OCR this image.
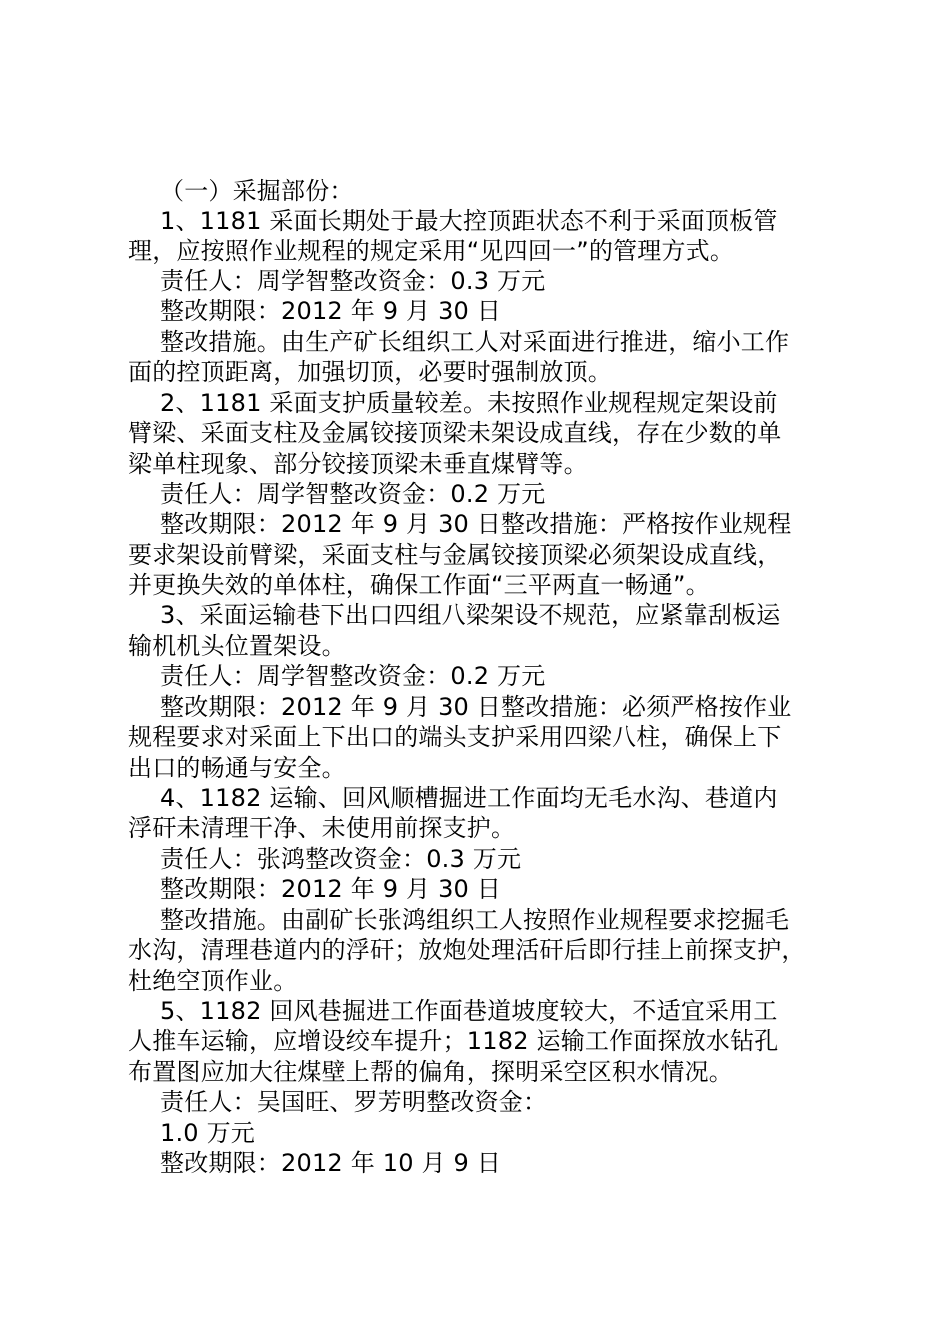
（一）采掘部份：
1、1181 采面长期处于最大控顶距状态不利于采面顶板管
理，应按照作业规程的规定采用“见四回一”的管理方式。
责任人：周学智整改资金：0.3 万元
整改期限：2012 年 9 月 30 日
整改措施。由生产矿长组织工人对采面进行推进，缩小工作
面的控顶距离，加强切顶，必要时强制放顶。
2、1181 采面支护质量较差。未按照作业规程规定架设前
臂梁、采面支柱及金属铰接顶梁未架设成直线，存在少数的单
梁单柱现象、部分铰接顶梁未垂直煤臂等。
责任人：周学智整改资金：0.2 万元
整改期限：2012 年 9 月 30 日整改措施：严格按作业规程
要求架设前臂梁，采面支柱与金属铰接顶梁必须架设成直线，
并更换失效的单体柱，确保工作面“三平两直一畅通”。
3、采面运输巷下出口四组八梁架设不规范，应紧靠刮板运
输机机头位置架设。
责任人：周学智整改资金：0.2 万元
整改期限：2012 年 9 月 30 日整改措施：必须严格按作业
规程要求对采面上下出口的端头支护采用四梁八柱，确保上下
出口的畅通与安全。
4、1182 运输、回风顺槽掘进工作面均无毛水沟、巷道内
浮矸未清理干净、未使用前探支护。
责任人：张鸿整改资金：0.3 万元
整改期限：2012 年 9 月 30 日
整改措施。由副矿长张鸿组织工人按照作业规程要求挖掘毛
水沟，清理巷道内的浮矸；放炮处理活矸后即行挂上前探支护，
杜绝空顶作业。
5、1182 回风巷掘进工作面巷道坡度较大，不适宜采用工
人推车运输，应增设绞车提升；1182 运输工作面探放水钻孔
布置图应加大往煤壁上帮的偏角，探明采空区积水情况。
责任人：吴国旺、罗芳明整改资金：
1.0 万元
整改期限：2012 年 10 月 9 日
